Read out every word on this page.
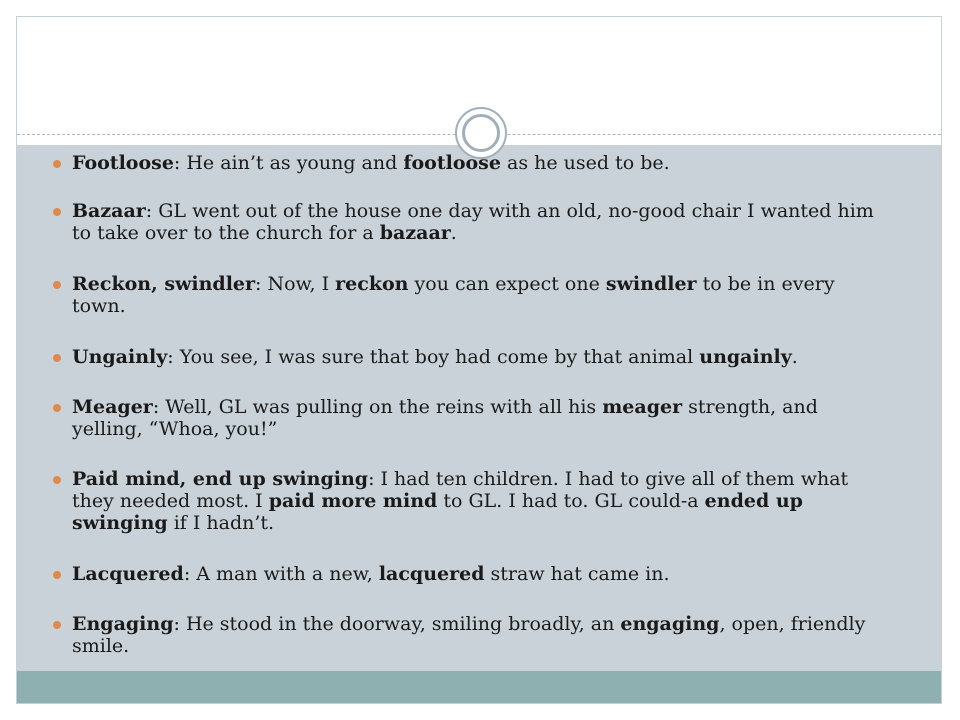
Footloose: He ain’t as young and footloose as he used to be.
Bazaar: GL went out of the house one day with an old, no-good chair I wanted him to take over to the church for a bazaar.
Reckon, swindler: Now, I reckon you can expect one swindler to be in every town.
Ungainly: You see, I was sure that boy had come by that animal ungainly.
Meager: Well, GL was pulling on the reins with all his meager strength, and yelling, “Whoa, you!”
Paid mind, end up swinging: I had ten children. I had to give all of them what they needed most. I paid more mind to GL. I had to. GL could-a ended up swinging if I hadn’t.
Lacquered: A man with a new, lacquered straw hat came in.
Engaging: He stood in the doorway, smiling broadly, an engaging, open, friendly smile.
